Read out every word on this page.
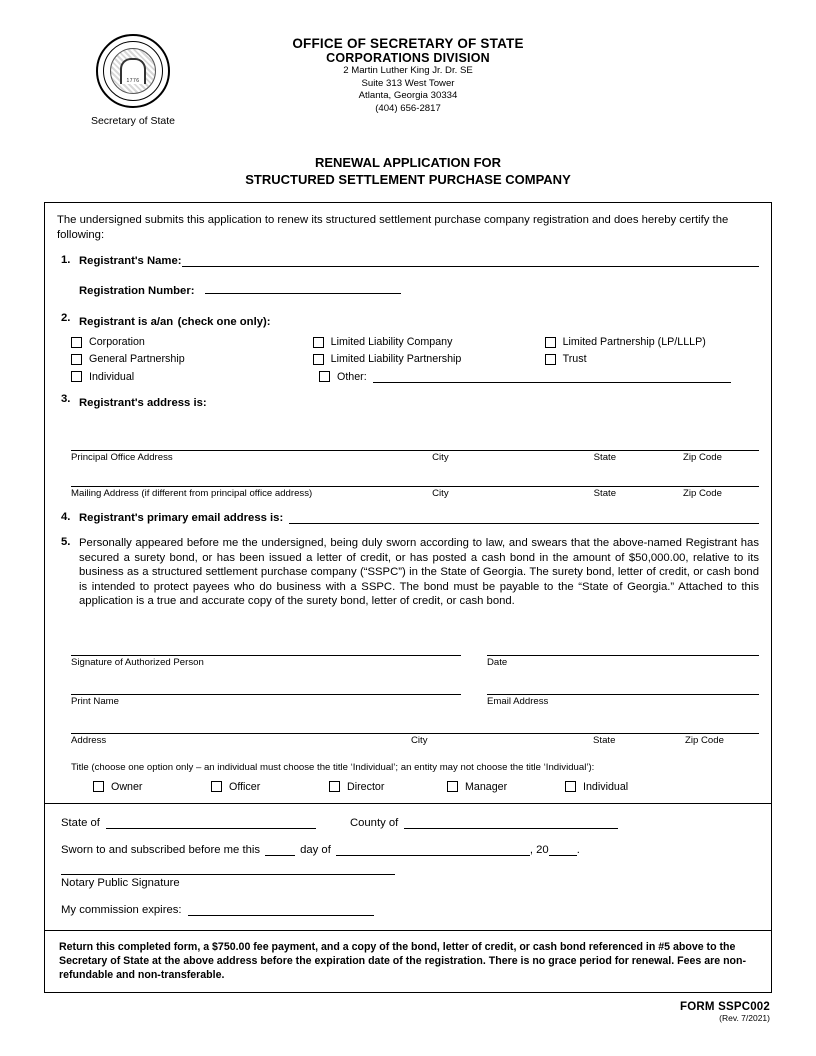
1776
Secretary of State
OFFICE OF SECRETARY OF STATE
CORPORATIONS DIVISION
2 Martin Luther King Jr. Dr. SE
Suite 313 West Tower
Atlanta, Georgia 30334
(404) 656-2817
RENEWAL APPLICATION FOR
STRUCTURED SETTLEMENT PURCHASE COMPANY
The undersigned submits this application to renew its structured settlement purchase company registration and does hereby certify the following:
1. Registrant's Name:
Registration Number:
2. Registrant is a/an (check one only):
Corporation	Limited Liability Company	Limited Partnership (LP/LLLP)
General Partnership	Limited Liability Partnership	Trust
Individual	Other:
3. Registrant's address is:
Principal Office Address	City	State	Zip Code
Mailing Address (if different from principal office address)	City	State	Zip Code
4. Registrant's primary email address is:
5. Personally appeared before me the undersigned, being duly sworn according to law, and swears that the above-named Registrant has secured a surety bond, or has been issued a letter of credit, or has posted a cash bond in the amount of $50,000.00, relative to its business as a structured settlement purchase company (“SSPC”) in the State of Georgia. The surety bond, letter of credit, or cash bond is intended to protect payees who do business with a SSPC. The bond must be payable to the “State of Georgia.” Attached to this application is a true and accurate copy of the surety bond, letter of credit, or cash bond.
Signature of Authorized Person	Date
Print Name	Email Address
Address	City	State	Zip Code
Title (choose one option only – an individual must choose the title ‘Individual’; an entity may not choose the title ‘Individual’):
Owner	Officer	Director	Manager	Individual
State of	County of
Sworn to and subscribed before me this	day of	, 20 .
Notary Public Signature
My commission expires:
Return this completed form, a $750.00 fee payment, and a copy of the bond, letter of credit, or cash bond referenced in #5 above to the Secretary of State at the above address before the expiration date of the registration. There is no grace period for renewal. Fees are non-refundable and non-transferable.
FORM SSPC002
(Rev. 7/2021)
